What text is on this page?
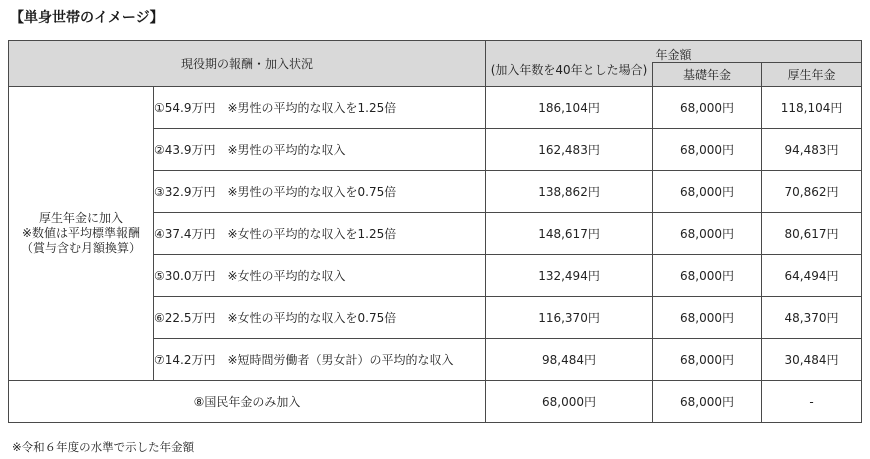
【単身世帯のイメージ】
現役期の報酬・加入状況		年金額		

		(加入年数を40年とした場合)	基礎年金	厚生年金

厚生年金に加入
※数値は平均標準報酬
（賞与含む月額換算）	①54.9万円　※男性の平均的な収入を1.25倍	186,104円	68,000円	118,104円
	②43.9万円　※男性の平均的な収入	162,483円	68,000円	94,483円
	③32.9万円　※男性の平均的な収入を0.75倍	138,862円	68,000円	70,862円
	④37.4万円　※女性の平均的な収入を1.25倍	148,617円	68,000円	80,617円
	⑤30.0万円　※女性の平均的な収入	132,494円	68,000円	64,494円
	⑥22.5万円　※女性の平均的な収入を0.75倍	116,370円	68,000円	48,370円
	⑦14.2万円　※短時間労働者（男女計）の平均的な収入	98,484円	68,000円	30,484円
⑧国民年金のみ加入		68,000円	68,000円	-
※令和６年度の水準で示した年金額
